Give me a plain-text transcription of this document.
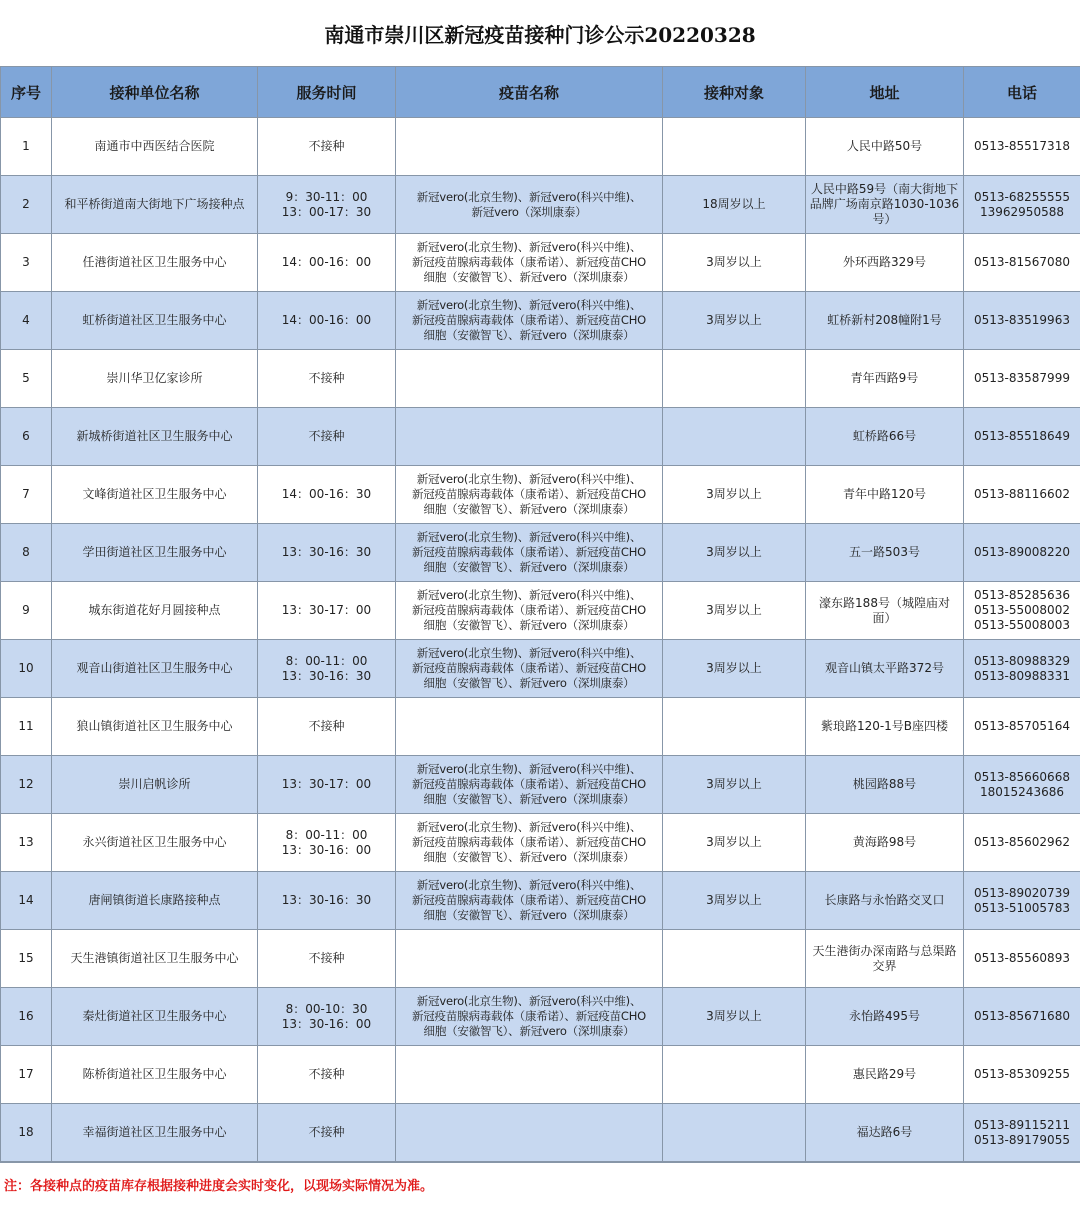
南通市崇川区新冠疫苗接种门诊公示20220328
序号	接种单位名称	服务时间	疫苗名称	接种对象	地址	电话
1	南通市中西医结合医院	不接种			人民中路50号	0513-85517318

2	和平桥街道南大街地下广场接种点	9：30-11：00
13：00-17：30	新冠vero(北京生物)、新冠vero(科兴中维)、
新冠vero（深圳康泰）	18周岁以上	人民中路59号（南大街地下
品牌广场南京路1030-1036
号）	0513-68255555
13962950588

3	任港街道社区卫生服务中心	14：00-16：00	新冠vero(北京生物)、新冠vero(科兴中维)、
新冠疫苗腺病毒载体（康希诺）、新冠疫苗CHO
细胞（安徽智飞）、新冠vero（深圳康泰）	3周岁以上	外环西路329号	0513-81567080

4	虹桥街道社区卫生服务中心	14：00-16：00	新冠vero(北京生物)、新冠vero(科兴中维)、
新冠疫苗腺病毒载体（康希诺）、新冠疫苗CHO
细胞（安徽智飞）、新冠vero（深圳康泰）	3周岁以上	虹桥新村208幢附1号	0513-83519963

5	崇川华卫亿家诊所	不接种			青年西路9号	0513-83587999

6	新城桥街道社区卫生服务中心	不接种			虹桥路66号	0513-85518649

7	文峰街道社区卫生服务中心	14：00-16：30	新冠vero(北京生物)、新冠vero(科兴中维)、
新冠疫苗腺病毒载体（康希诺）、新冠疫苗CHO
细胞（安徽智飞）、新冠vero（深圳康泰）	3周岁以上	青年中路120号	0513-88116602

8	学田街道社区卫生服务中心	13：30-16：30	新冠vero(北京生物)、新冠vero(科兴中维)、
新冠疫苗腺病毒载体（康希诺）、新冠疫苗CHO
细胞（安徽智飞）、新冠vero（深圳康泰）	3周岁以上	五一路503号	0513-89008220

9	城东街道花好月圆接种点	13：30-17：00	新冠vero(北京生物)、新冠vero(科兴中维)、
新冠疫苗腺病毒载体（康希诺）、新冠疫苗CHO
细胞（安徽智飞）、新冠vero（深圳康泰）	3周岁以上	濠东路188号（城隍庙对
面）	0513-85285636
0513-55008002
0513-55008003

10	观音山街道社区卫生服务中心	8：00-11：00
13：30-16：30	新冠vero(北京生物)、新冠vero(科兴中维)、
新冠疫苗腺病毒载体（康希诺）、新冠疫苗CHO
细胞（安徽智飞）、新冠vero（深圳康泰）	3周岁以上	观音山镇太平路372号	0513-80988329
0513-80988331

11	狼山镇街道社区卫生服务中心	不接种			紫琅路120-1号B座四楼	0513-85705164

12	崇川启帆诊所	13：30-17：00	新冠vero(北京生物)、新冠vero(科兴中维)、
新冠疫苗腺病毒载体（康希诺）、新冠疫苗CHO
细胞（安徽智飞）、新冠vero（深圳康泰）	3周岁以上	桃园路88号	0513-85660668
18015243686

13	永兴街道社区卫生服务中心	8：00-11：00
13：30-16：00	新冠vero(北京生物)、新冠vero(科兴中维)、
新冠疫苗腺病毒载体（康希诺）、新冠疫苗CHO
细胞（安徽智飞）、新冠vero（深圳康泰）	3周岁以上	黄海路98号	0513-85602962

14	唐闸镇街道长康路接种点	13：30-16：30	新冠vero(北京生物)、新冠vero(科兴中维)、
新冠疫苗腺病毒载体（康希诺）、新冠疫苗CHO
细胞（安徽智飞）、新冠vero（深圳康泰）	3周岁以上	长康路与永怡路交叉口	0513-89020739
0513-51005783

15	天生港镇街道社区卫生服务中心	不接种			天生港街办深南路与总渠路
交界	0513-85560893

16	秦灶街道社区卫生服务中心	8：00-10：30
13：30-16：00	新冠vero(北京生物)、新冠vero(科兴中维)、
新冠疫苗腺病毒载体（康希诺）、新冠疫苗CHO
细胞（安徽智飞）、新冠vero（深圳康泰）	3周岁以上	永怡路495号	0513-85671680

17	陈桥街道社区卫生服务中心	不接种			惠民路29号	0513-85309255

18	幸福街道社区卫生服务中心	不接种			福达路6号	0513-89115211
0513-89179055
注：各接种点的疫苗库存根据接种进度会实时变化，以现场实际情况为准。
